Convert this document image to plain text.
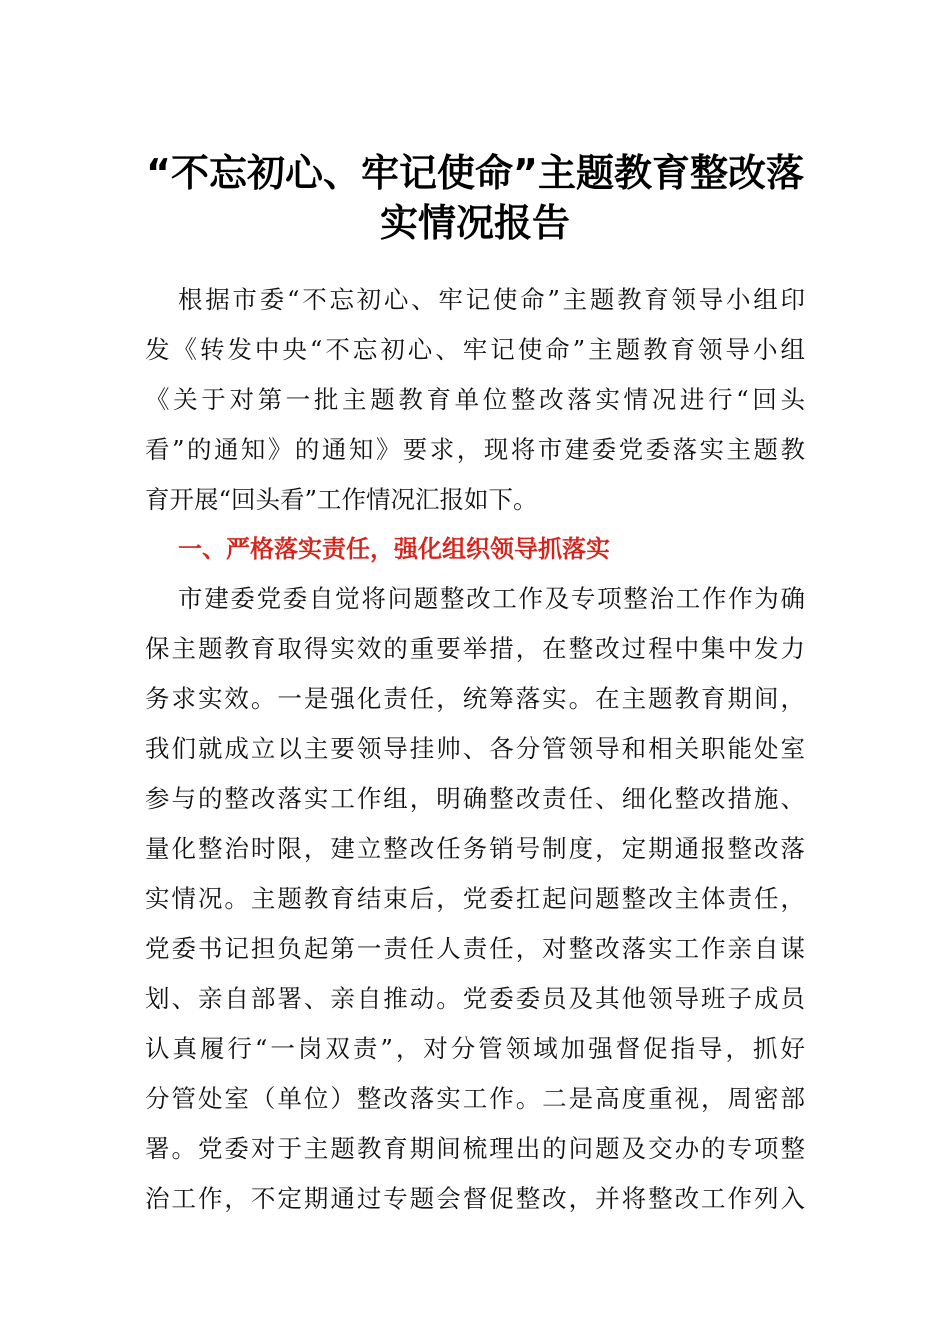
“不忘初心、牢记使命”主题教育整改落
实情况报告
根据市委“不忘初心、牢记使命”主题教育领导小组印
发《转发中央“不忘初心、牢记使命”主题教育领导小组
《关于对第一批主题教育单位整改落实情况进行“回头
看”的通知》的通知》要求，现将市建委党委落实主题教
育开展“回头看”工作情况汇报如下。
一、严格落实责任，强化组织领导抓落实
市建委党委自觉将问题整改工作及专项整治工作作为确
保主题教育取得实效的重要举措，在整改过程中集中发力
务求实效。一是强化责任，统筹落实。在主题教育期间，
我们就成立以主要领导挂帅、各分管领导和相关职能处室
参与的整改落实工作组，明确整改责任、细化整改措施、
量化整治时限，建立整改任务销号制度，定期通报整改落
实情况。主题教育结束后，党委扛起问题整改主体责任，
党委书记担负起第一责任人责任，对整改落实工作亲自谋
划、亲自部署、亲自推动。党委委员及其他领导班子成员
认真履行“一岗双责”，对分管领域加强督促指导，抓好
分管处室（单位）整改落实工作。二是高度重视，周密部
署。党委对于主题教育期间梳理出的问题及交办的专项整
治工作，不定期通过专题会督促整改，并将整改工作列入
